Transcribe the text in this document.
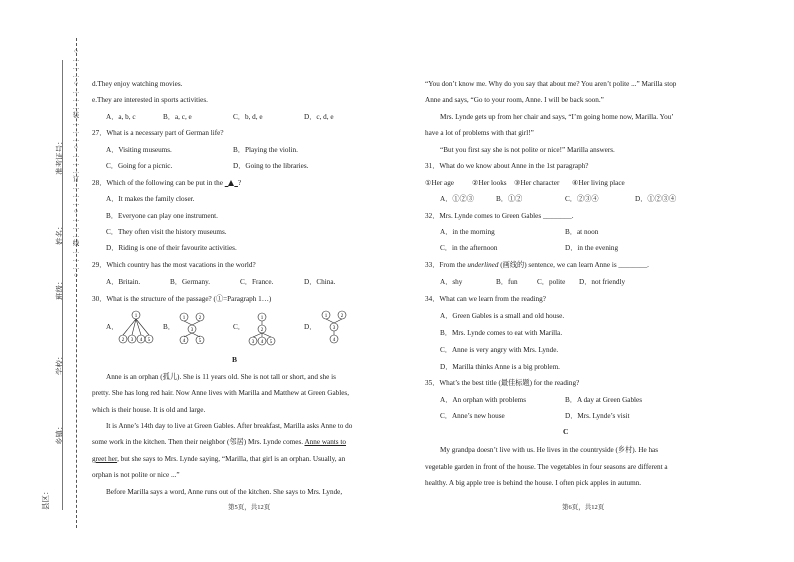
县区：
乡镇：
学校：
班级：
姓名：
准考证号：
○
…
…
…
○
…
…
…
装
…
…
…
○
…
…
…
订
…
…
…
○
…
…
…
线
…
…
…
○
d.They enjoy watching movies.
e.They are interested in sports activities.
A．a, b, c	B．a, c, e	C．b, d, e	D．c, d, e
27．What is a necessary part of German life?
A．Visiting museums.	B．Playing the violin.
C．Going for a picnic.	D．Going to the libraries.
28．Which of the following can be put in the ?
A．It makes the family closer.
B．Everyone can play one instrument.
C．They often visit the history museums.
D．Riding is one of their favourite activities.
29．Which country has the most vacations in the world?
A．Britain.	B．Germany.	C．France.	D．China.
30．What is the structure of the passage? (①=Paragraph 1…)
A．
1
2 3 4 5
B．
1	2
3
4	5
C．
1
2
3 4 5
D．
1	2
3
4
B
Anne is an orphan (孤儿). She is 11 years old. She is not tall or short, and she is
pretty. She has long red hair. Now Anne lives with Marilla and Matthew at Green Gables,
which is their house. It is old and large.
It is Anne’s 14th day to live at Green Gables. After breakfast, Marilla asks Anne to do
some work in the kitchen. Then their neighbor (邻居) Mrs. Lynde comes. Anne wants to
greet her, but she says to Mrs. Lynde saying, “Marilla, that girl is an orphan. Usually, an
orphan is not polite or nice ...”
Before Marilla says a word, Anne runs out of the kitchen. She says to Mrs. Lynde,
第5页，共12页
“You don’t know me. Why do you say that about me? You aren’t polite ...” Marilla stop
Anne and says, “Go to your room, Anne. I will be back soon.”
Mrs. Lynde gets up from her chair and says, “I’m going home now, Marilla. You’
have a lot of problems with that girl!”
“But you first say she is not polite or nice!” Marilla answers.
31．What do we know about Anne in the 1st paragraph?
①Her age	②Her looks ③Her character ④Her living place
A．①②③	B．①②	C．②③④	D．①②③④
32．Mrs. Lynde comes to Green Gables ________.
A．in the morning	B．at noon
C．in the afternoon	D．in the evening
33．From the underlined (画线的) sentence, we can learn Anne is ________.
A．shy	B．fun	C．polite D．not friendly
34．What can we learn from the reading?
A．Green Gables is a small and old house.
B．Mrs. Lynde comes to eat with Marilla.
C．Anne is very angry with Mrs. Lynde.
D．Marilla thinks Anne is a big problem.
35．What’s the best title (最佳标题) for the reading?
A．An orphan with problems	B．A day at Green Gables
C．Anne’s new house	D．Mrs. Lynde’s visit
C
My grandpa doesn’t live with us. He lives in the countryside (乡村). He has
vegetable garden in front of the house. The vegetables in four seasons are different a
healthy. A big apple tree is behind the house. I often pick apples in autumn.
第6页，共12页
